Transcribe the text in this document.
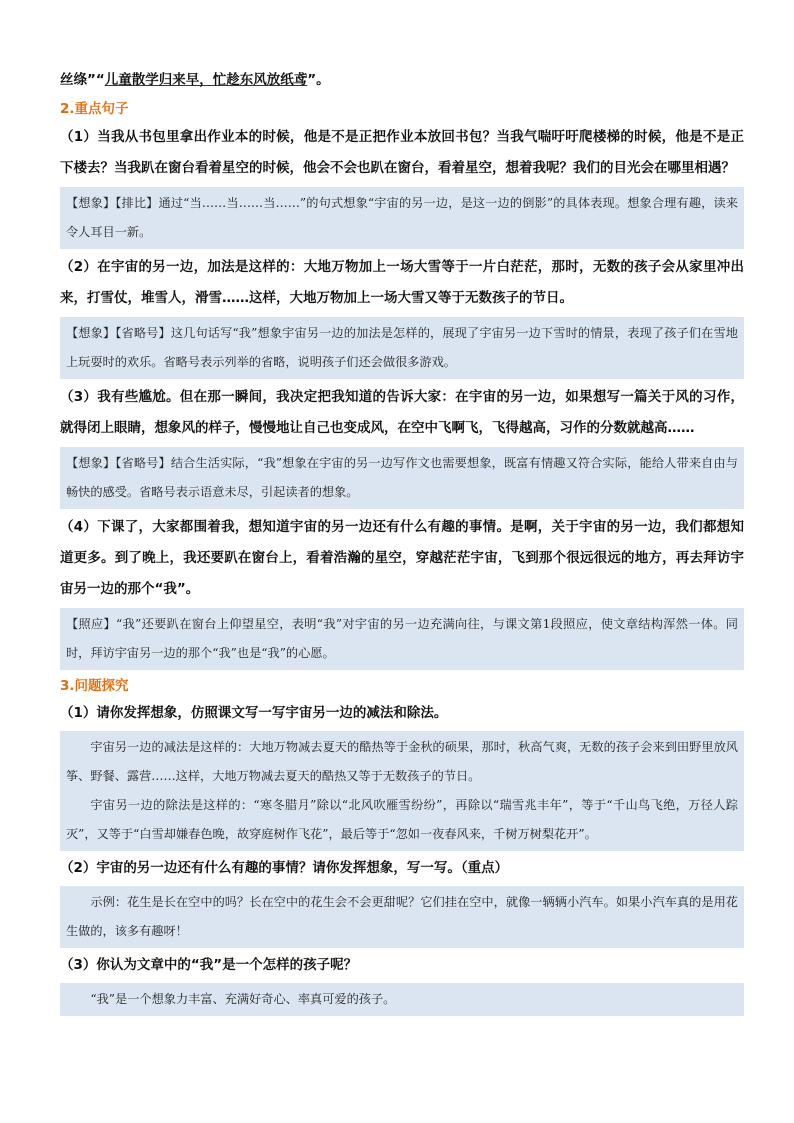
丝绦”“儿童散学归来早，忙趁东风放纸鸢”。
2.重点句子
（1）当我从书包里拿出作业本的时候，他是不是正把作业本放回书包？当我气喘吁吁爬楼梯的时候，他是不是正下楼去？当我趴在窗台看着星空的时候，他会不会也趴在窗台，看着星空，想着我呢？我们的目光会在哪里相遇？

【想象】【排比】通过“当……当……当……”的句式想象“宇宙的另一边，是这一边的倒影”的具体表现。想象合理有趣，读来令人耳目一新。

（2）在宇宙的另一边，加法是这样的：大地万物加上一场大雪等于一片白茫茫，那时，无数的孩子会从家里冲出来，打雪仗，堆雪人，滑雪……这样，大地万物加上一场大雪又等于无数孩子的节日。

【想象】【省略号】这几句话写“我”想象宇宙另一边的加法是怎样的，展现了宇宙另一边下雪时的情景，表现了孩子们在雪地上玩耍时的欢乐。省略号表示列举的省略，说明孩子们还会做很多游戏。

（3）我有些尴尬。但在那一瞬间，我决定把我知道的告诉大家：在宇宙的另一边，如果想写一篇关于风的习作，就得闭上眼睛，想象风的样子，慢慢地让自己也变成风，在空中飞啊飞，飞得越高，习作的分数就越高……

【想象】【省略号】结合生活实际，“我”想象在宇宙的另一边写作文也需要想象，既富有情趣又符合实际，能给人带来自由与畅快的感受。省略号表示语意未尽，引起读者的想象。

（4）下课了，大家都围着我，想知道宇宙的另一边还有什么有趣的事情。是啊，关于宇宙的另一边，我们都想知道更多。到了晚上，我还要趴在窗台上，看着浩瀚的星空，穿越茫茫宇宙，飞到那个很远很远的地方，再去拜访宇宙另一边的那个“我”。

【照应】“我”还要趴在窗台上仰望星空，表明“我”对宇宙的另一边充满向往，与课文第1段照应，使文章结构浑然一体。同时，拜访宇宙另一边的那个“我”也是“我”的心愿。

3.问题探究
（1）请你发挥想象，仿照课文写一写宇宙另一边的减法和除法。

宇宙另一边的减法是这样的：大地万物减去夏天的酷热等于金秋的硕果，那时，秋高气爽，无数的孩子会来到田野里放风筝、野餐、露营……这样，大地万物减去夏天的酷热又等于无数孩子的节日。

宇宙另一边的除法是这样的：“寒冬腊月”除以“北风吹雁雪纷纷”，再除以“瑞雪兆丰年”，等于“千山鸟飞绝，万径人踪灭”，又等于“白雪却嫌春色晚，故穿庭树作飞花”，最后等于“忽如一夜春风来，千树万树梨花开”。

（2）宇宙的另一边还有什么有趣的事情？请你发挥想象，写一写。（重点）

示例：花生是长在空中的吗？长在空中的花生会不会更甜呢？它们挂在空中，就像一辆辆小汽车。如果小汽车真的是用花生做的，该多有趣呀！

（3）你认为文章中的“我”是一个怎样的孩子呢？

“我”是一个想象力丰富、充满好奇心、率真可爱的孩子。
